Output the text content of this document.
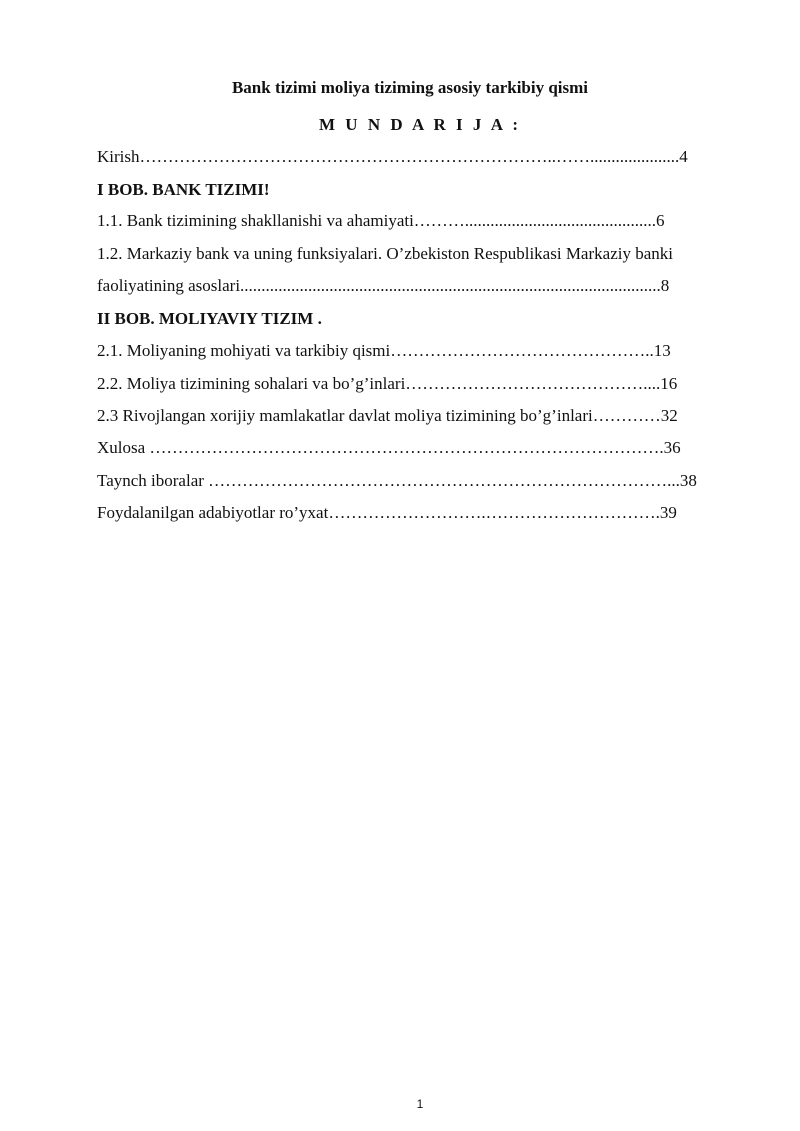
Bank tizimi moliya tiziming asosiy tarkibiy qismi
M U N D A R I J A :
Kirish………………………………………………………………..…….....................4
I BOB. BANK TIZIMI!
1.1. Bank tizimining shakllanishi va ahamiyati……….............................................6
1.2. Markaziy bank va uning funksiyalari. O’zbekiston Respublikasi Markaziy banki
faoliyatining asoslari...................................................................................................8
II BOB. MOLIYAVIY TIZIM .
2.1. Moliyaning mohiyati va tarkibiy qismi………………………………………..13
2.2. Moliya tizimining sohalari va bo’g’inlari……………………………………....16
2.3 Rivojlangan xorijiy mamlakatlar davlat moliya tizimining bo’g’inlari…………32
Xulosa ……………………………………………………………………………….36
Taynch iboralar ………………………………………………………………………...38
Foydalanilgan adabiyotlar ro’yxat……………………….………………………….39
1
